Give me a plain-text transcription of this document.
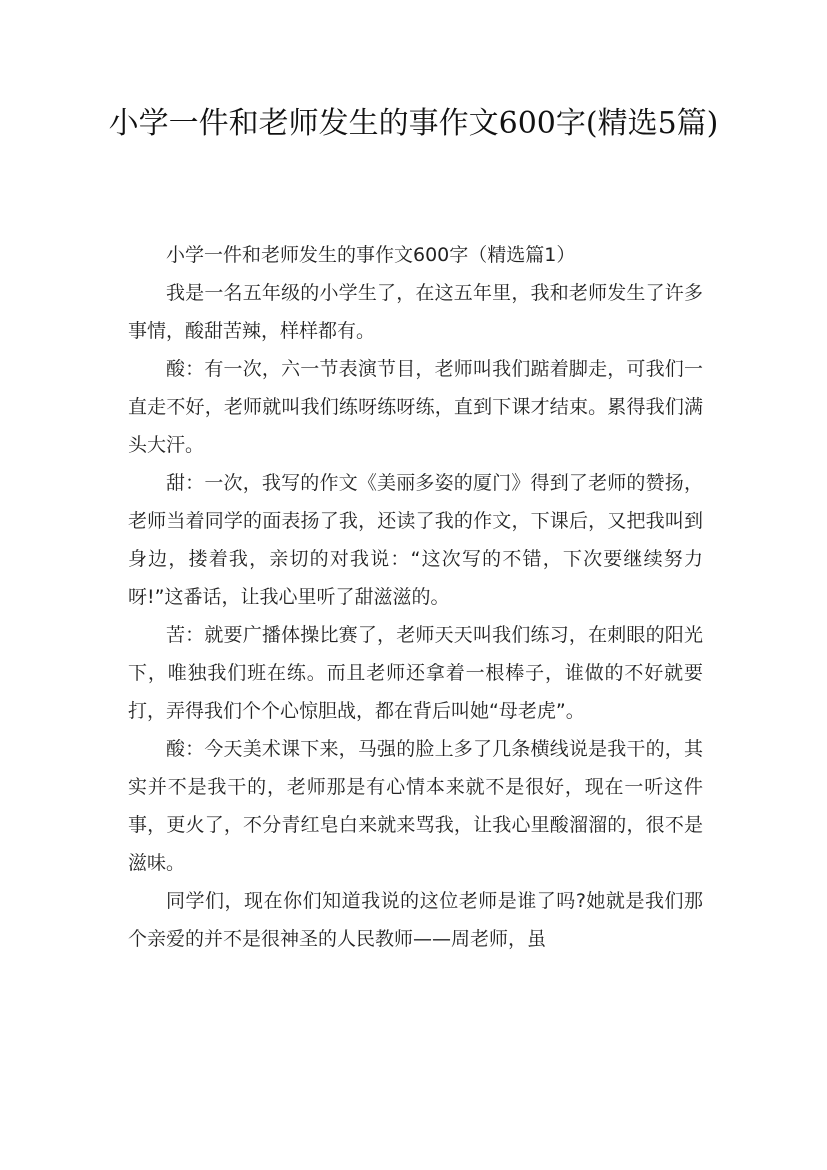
小学一件和老师发生的事作文600字(精选5篇)

小学一件和老师发生的事作文600字（精选篇1）

我是一名五年级的小学生了，在这五年里，我和老师发生了许多事情，酸甜苦辣，样样都有。

酸：有一次，六一节表演节目，老师叫我们踮着脚走，可我们一直走不好，老师就叫我们练呀练呀练，直到下课才结束。累得我们满头大汗。

甜：一次，我写的作文《美丽多姿的厦门》得到了老师的赞扬，老师当着同学的面表扬了我，还读了我的作文，下课后，又把我叫到身边，搂着我，亲切的对我说：“这次写的不错，下次要继续努力呀!”这番话，让我心里听了甜滋滋的。

苦：就要广播体操比赛了，老师天天叫我们练习，在刺眼的阳光下，唯独我们班在练。而且老师还拿着一根棒子，谁做的不好就要打，弄得我们个个心惊胆战，都在背后叫她“母老虎”。

酸：今天美术课下来，马强的脸上多了几条横线说是我干的，其实并不是我干的，老师那是有心情本来就不是很好，现在一听这件事，更火了，不分青红皂白来就来骂我，让我心里酸溜溜的，很不是滋味。

同学们，现在你们知道我说的这位老师是谁了吗?她就是我们那个亲爱的并不是很神圣的人民教师——周老师，虽
